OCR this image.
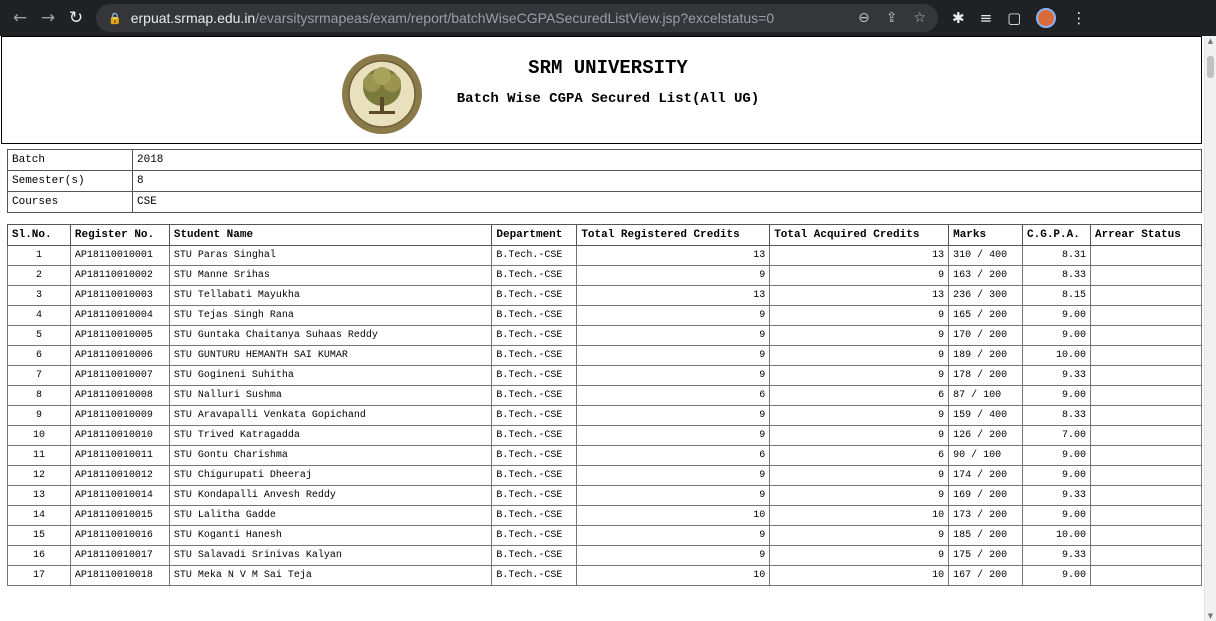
← → ↻	🔒 erpuat.srmap.edu.in /evarsitysrmapeas/exam/report/batchWiseCGPASecuredListView.jsp?excelstatus=0	⊖ ⇪ ☆ ✱ ≡ ▢	⋮
SRM UNIVERSITY
Batch Wise CGPA Secured List(All UG)
Batch	2018
Semester(s)	8
Courses	CSE
Sl.No.	Register No.	Student Name	Department	Total Registered Credits	Total Acquired Credits	Marks	C.G.P.A.	Arrear Status
1	AP18110010001	STU Paras Singhal	B.Tech.-CSE	13	13	310 / 400	8.31	
2	AP18110010002	STU Manne Srihas	B.Tech.-CSE	9	9	163 / 200	8.33	
3	AP18110010003	STU Tellabati Mayukha	B.Tech.-CSE	13	13	236 / 300	8.15	
4	AP18110010004	STU Tejas Singh Rana	B.Tech.-CSE	9	9	165 / 200	9.00	
5	AP18110010005	STU Guntaka Chaitanya Suhaas Reddy	B.Tech.-CSE	9	9	170 / 200	9.00	
6	AP18110010006	STU GUNTURU HEMANTH SAI KUMAR	B.Tech.-CSE	9	9	189 / 200	10.00	
7	AP18110010007	STU Gogineni Suhitha	B.Tech.-CSE	9	9	178 / 200	9.33	
8	AP18110010008	STU Nalluri Sushma	B.Tech.-CSE	6	6	87 / 100	9.00	
9	AP18110010009	STU Aravapalli Venkata Gopichand	B.Tech.-CSE	9	9	159 / 400	8.33	
10	AP18110010010	STU Trived Katragadda	B.Tech.-CSE	9	9	126 / 200	7.00	
11	AP18110010011	STU Gontu Charishma	B.Tech.-CSE	6	6	90 / 100	9.00	
12	AP18110010012	STU Chigurupati Dheeraj	B.Tech.-CSE	9	9	174 / 200	9.00	
13	AP18110010014	STU Kondapalli Anvesh Reddy	B.Tech.-CSE	9	9	169 / 200	9.33	
14	AP18110010015	STU Lalitha Gadde	B.Tech.-CSE	10	10	173 / 200	9.00	
15	AP18110010016	STU Koganti Hanesh	B.Tech.-CSE	9	9	185 / 200	10.00	
16	AP18110010017	STU Salavadi Srinivas Kalyan	B.Tech.-CSE	9	9	175 / 200	9.33	
17	AP18110010018	STU Meka N V M Sai Teja	B.Tech.-CSE	10	10	167 / 200	9.00	
▲
▼
